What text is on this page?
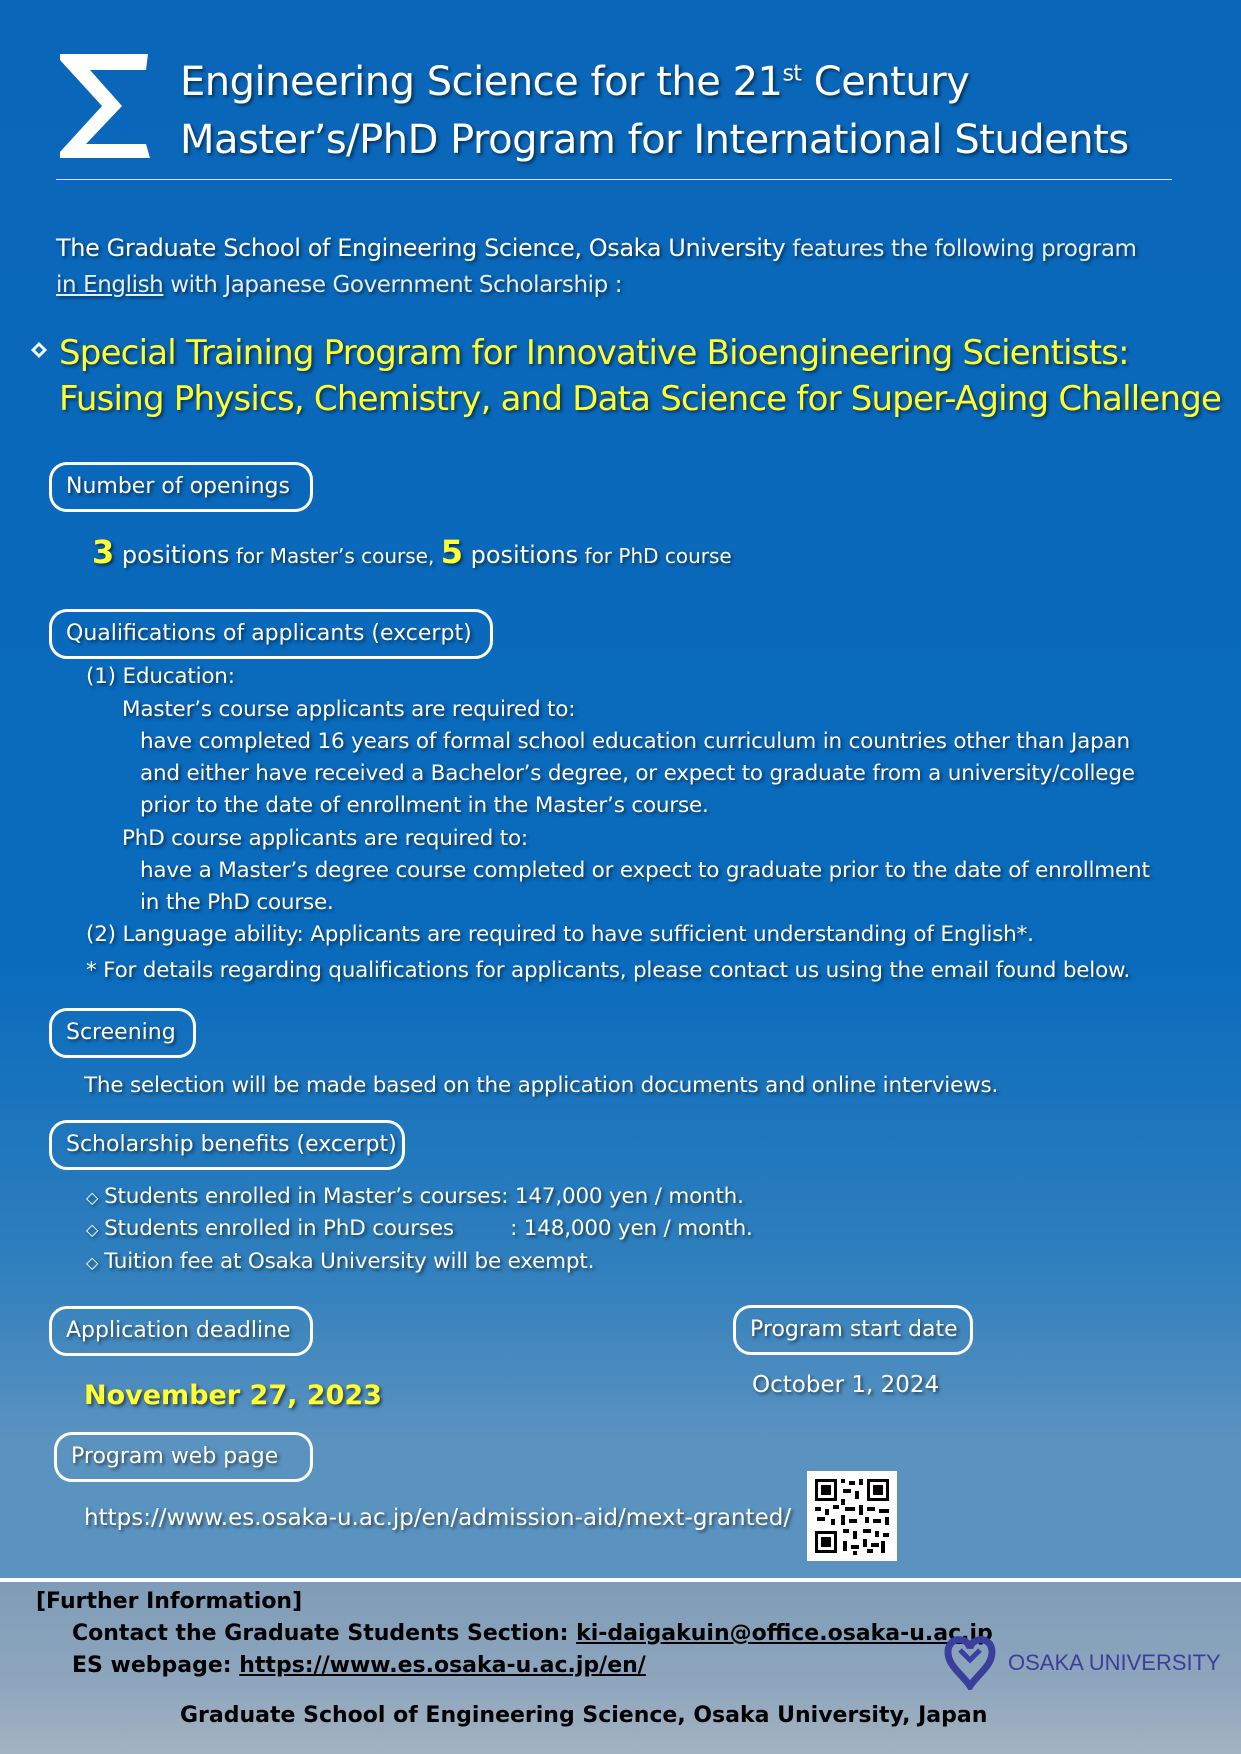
Engineering Science for the 21st Century
Master’s/PhD Program for International Students
The Graduate School of Engineering Science, Osaka University features the following program
in English with Japanese Government Scholarship :
Special Training Program for Innovative Bioengineering Scientists:
Fusing Physics, Chemistry, and Data Science for Super-Aging Challenge
Number of openings
3 positions for Master’s course, 5 positions for PhD course
Qualifications of applicants (excerpt)
(1) Education:
Master’s course applicants are required to:
have completed 16 years of formal school education curriculum in countries other than Japan
and either have received a Bachelor’s degree, or expect to graduate from a university/college
prior to the date of enrollment in the Master’s course.
PhD course applicants are required to:
have a Master’s degree course completed or expect to graduate prior to the date of enrollment
in the PhD course.
(2) Language ability: Applicants are required to have sufficient understanding of English*.
* For details regarding qualifications for applicants, please contact us using the email found below.
Screening
The selection will be made based on the application documents and online interviews.
Scholarship benefits (excerpt)
◇ Students enrolled in Master’s courses: 147,000 yen / month.
◇ Students enrolled in PhD courses	: 148,000 yen / month.
◇ Tuition fee at Osaka University will be exempt.
Application deadline
November 27, 2023
Program start date
October 1, 2024
Program web page
https://www.es.osaka-u.ac.jp/en/admission-aid/mext-granted/
[Further Information]
Contact the Graduate Students Section: ki-daigakuin@office.osaka-u.ac.jp
ES webpage: https://www.es.osaka-u.ac.jp/en/
Graduate School of Engineering Science, Osaka University, Japan
OSAKA UNIVERSITY
